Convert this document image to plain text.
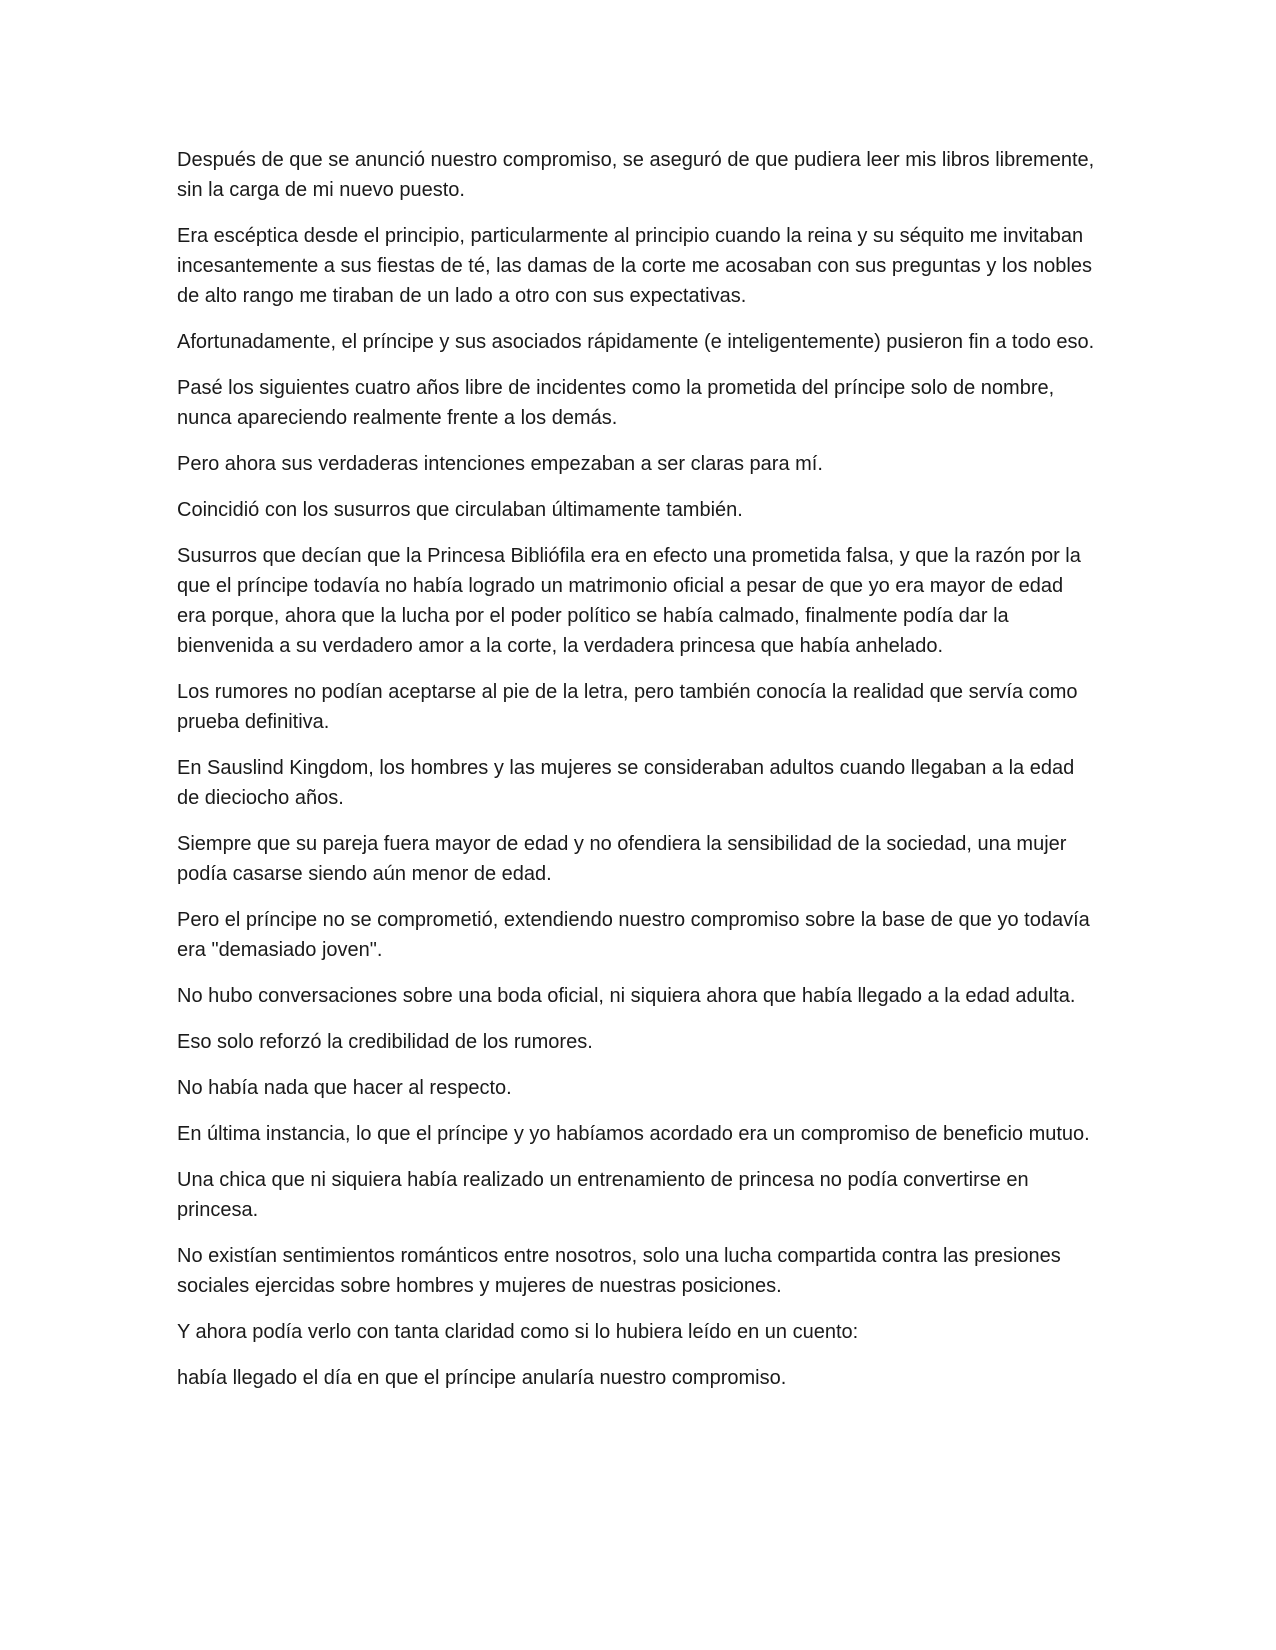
Después de que se anunció nuestro compromiso, se aseguró de que pudiera leer mis libros libremente, sin la carga de mi nuevo puesto.

Era escéptica desde el principio, particularmente al principio cuando la reina y su séquito me invitaban incesantemente a sus fiestas de té, las damas de la corte me acosaban con sus preguntas y los nobles de alto rango me tiraban de un lado a otro con sus expectativas.

Afortunadamente, el príncipe y sus asociados rápidamente (e inteligentemente) pusieron fin a todo eso.

Pasé los siguientes cuatro años libre de incidentes como la prometida del príncipe solo de nombre, nunca apareciendo realmente frente a los demás.

Pero ahora sus verdaderas intenciones empezaban a ser claras para mí.

Coincidió con los susurros que circulaban últimamente también.

Susurros que decían que la Princesa Bibliófila era en efecto una prometida falsa, y que la razón por la que el príncipe todavía no había logrado un matrimonio oficial a pesar de que yo era mayor de edad era porque, ahora que la lucha por el poder político se había calmado, finalmente podía dar la bienvenida a su verdadero amor a la corte, la verdadera princesa que había anhelado.

Los rumores no podían aceptarse al pie de la letra, pero también conocía la realidad que servía como prueba definitiva.

En Sauslind Kingdom, los hombres y las mujeres se consideraban adultos cuando llegaban a la edad de dieciocho años.

Siempre que su pareja fuera mayor de edad y no ofendiera la sensibilidad de la sociedad, una mujer podía casarse siendo aún menor de edad.

Pero el príncipe no se comprometió, extendiendo nuestro compromiso sobre la base de que yo todavía era "demasiado joven".

No hubo conversaciones sobre una boda oficial, ni siquiera ahora que había llegado a la edad adulta.

Eso solo reforzó la credibilidad de los rumores.

No había nada que hacer al respecto.

En última instancia, lo que el príncipe y yo habíamos acordado era un compromiso de beneficio mutuo.

Una chica que ni siquiera había realizado un entrenamiento de princesa no podía convertirse en princesa.

No existían sentimientos románticos entre nosotros, solo una lucha compartida contra las presiones sociales ejercidas sobre hombres y mujeres de nuestras posiciones.

Y ahora podía verlo con tanta claridad como si lo hubiera leído en un cuento:

había llegado el día en que el príncipe anularía nuestro compromiso.
